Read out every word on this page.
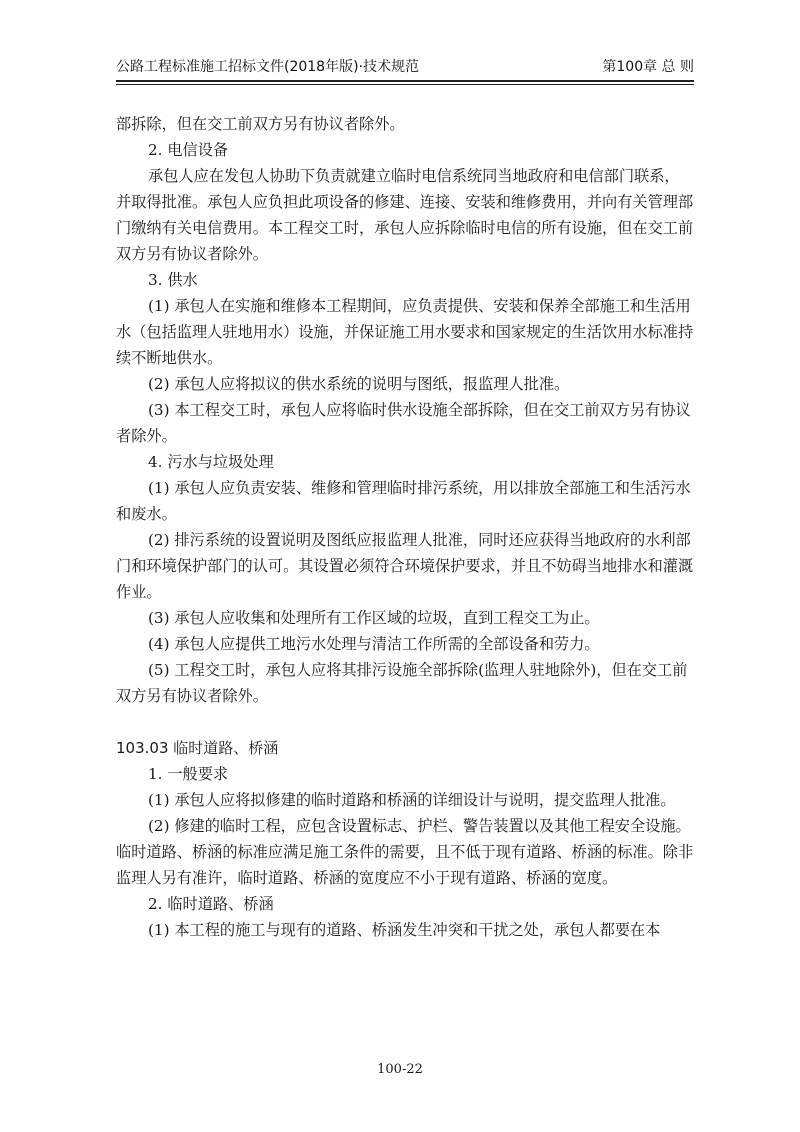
公路工程标准施工招标文件(2018年版)·技术规范	第100章 总 则

部拆除，但在交工前双方另有协议者除外。

2. 电信设备

承包人应在发包人协助下负责就建立临时电信系统同当地政府和电信部门联系，并取得批准。承包人应负担此项设备的修建、连接、安装和维修费用，并向有关管理部门缴纳有关电信费用。本工程交工时，承包人应拆除临时电信的所有设施，但在交工前双方另有协议者除外。

3. 供水

(1) 承包人在实施和维修本工程期间，应负责提供、安装和保养全部施工和生活用水（包括监理人驻地用水）设施，并保证施工用水要求和国家规定的生活饮用水标准持续不断地供水。

(2) 承包人应将拟议的供水系统的说明与图纸，报监理人批准。

(3) 本工程交工时，承包人应将临时供水设施全部拆除，但在交工前双方另有协议者除外。

4. 污水与垃圾处理

(1) 承包人应负责安装、维修和管理临时排污系统，用以排放全部施工和生活污水和废水。

(2) 排污系统的设置说明及图纸应报监理人批准，同时还应获得当地政府的水利部门和环境保护部门的认可。其设置必须符合环境保护要求，并且不妨碍当地排水和灌溉作业。

(3) 承包人应收集和处理所有工作区域的垃圾，直到工程交工为止。

(4) 承包人应提供工地污水处理与清洁工作所需的全部设备和劳力。

(5) 工程交工时，承包人应将其排污设施全部拆除(监理人驻地除外)，但在交工前双方另有协议者除外。

103.03 临时道路、桥涵

1. 一般要求

(1) 承包人应将拟修建的临时道路和桥涵的详细设计与说明，提交监理人批准。

(2) 修建的临时工程，应包含设置标志、护栏、警告装置以及其他工程安全设施。临时道路、桥涵的标准应满足施工条件的需要，且不低于现有道路、桥涵的标准。除非监理人另有准许，临时道路、桥涵的宽度应不小于现有道路、桥涵的宽度。

2. 临时道路、桥涵

(1) 本工程的施工与现有的道路、桥涵发生冲突和干扰之处，承包人都要在本

100-22
